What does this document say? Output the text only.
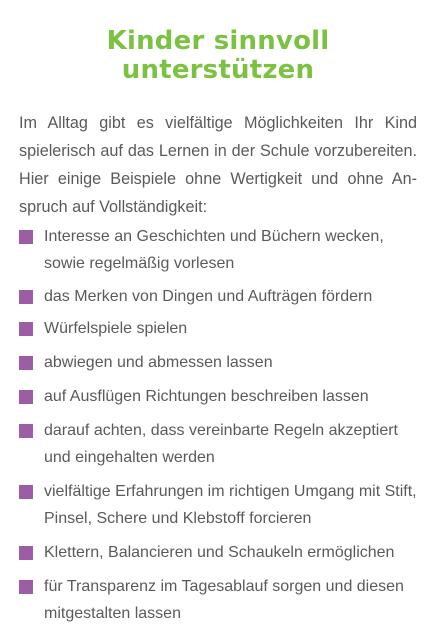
Kinder sinnvoll
unterstützen

Im Alltag gibt es vielfältige Möglichkeiten Ihr Kind spielerisch auf das Lernen in der Schule vorzubereiten. Hier einige Beispiele ohne Wertigkeit und ohne Anspruch auf Vollständigkeit:

Interesse an Geschichten und Büchern wecken, sowie regelmäßig vorlesen
das Merken von Dingen und Aufträgen fördern
Würfelspiele spielen
abwiegen und abmessen lassen
auf Ausflügen Richtungen beschreiben lassen
darauf achten, dass vereinbarte Regeln akzeptiert und eingehalten werden
vielfältige Erfahrungen im richtigen Umgang mit Stift, Pinsel, Schere und Klebstoff forcieren
Klettern, Balancieren und Schaukeln ermöglichen
für Transparenz im Tagesablauf sorgen und diesen mitgestalten lassen
